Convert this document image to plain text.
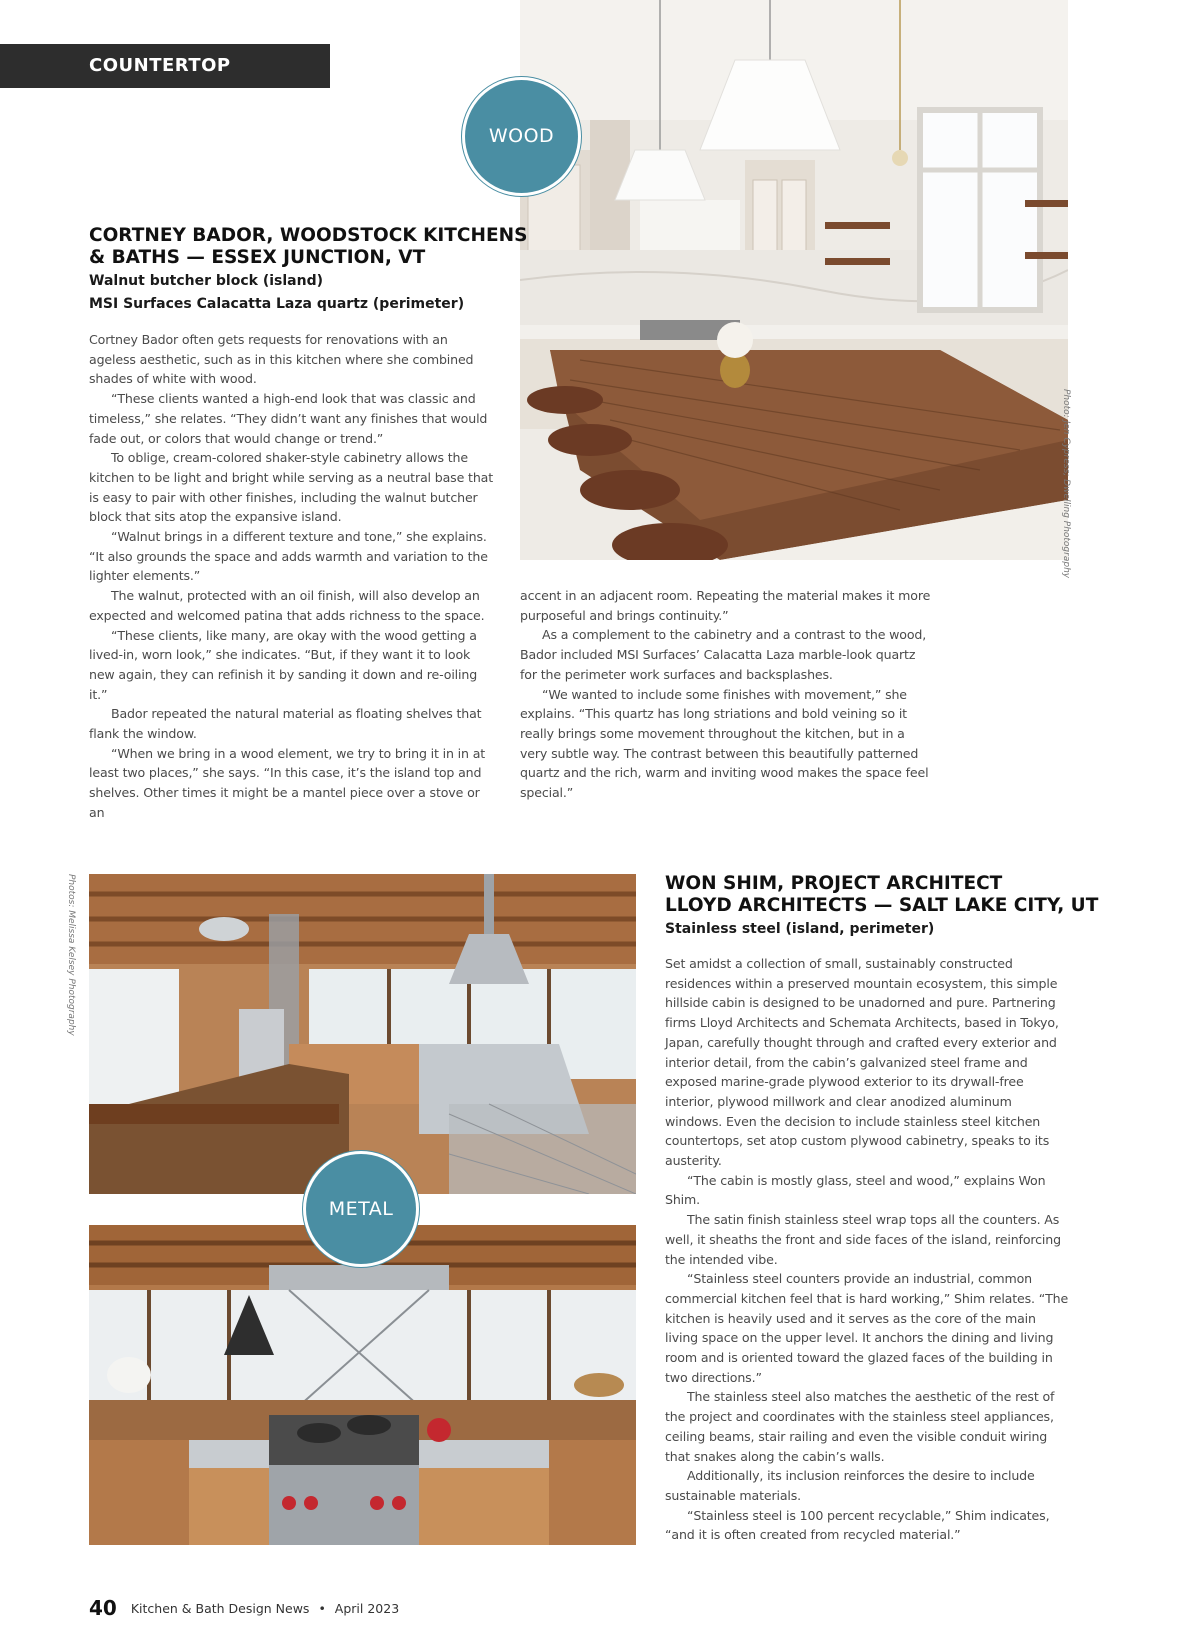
COUNTERTOP PROFILES
Photo: Jen Cypress; Dwelling Photography
WOOD
CORTNEY BADOR, WOODSTOCK KITCHENS
& BATHS — ESSEX JUNCTION, VT
Walnut butcher block (island)
MSI Surfaces Calacatta Laza quartz (perimeter)

Cortney Bador often gets requests for renovations with an ageless aesthetic, such as in this kitchen where she combined shades of white with wood.

“These clients wanted a high-end look that was classic and timeless,” she relates. “They didn’t want any finishes that would fade out, or colors that would change or trend.”

To oblige, cream-colored shaker-style cabinetry allows the kitchen to be light and bright while serving as a neutral base that is easy to pair with other finishes, including the walnut butcher block that sits atop the expansive island.

“Walnut brings in a different texture and tone,” she explains. “It also grounds the space and adds warmth and variation to the lighter elements.”

The walnut, protected with an oil finish, will also develop an expected and welcomed patina that adds richness to the space.

“These clients, like many, are okay with the wood getting a lived-in, worn look,” she indicates. “But, if they want it to look new again, they can refinish it by sanding it down and re-oiling it.”

Bador repeated the natural material as floating shelves that flank the window.

“When we bring in a wood element, we try to bring it in in at least two places,” she says. “In this case, it’s the island top and shelves. Other times it might be a mantel piece over a stove or an

accent in an adjacent room. Repeating the material makes it more purposeful and brings continuity.”

As a complement to the cabinetry and a contrast to the wood, Bador included MSI Surfaces’ Calacatta Laza marble-look quartz for the perimeter work surfaces and backsplashes.

“We wanted to include some finishes with movement,” she explains. “This quartz has long striations and bold veining so it really brings some movement throughout the kitchen, but in a very subtle way. The contrast between this beautifully patterned quartz and the rich, warm and inviting wood makes the space feel special.”

Photos: Melissa Kelsey Photography
METAL
WON SHIM, PROJECT ARCHITECT
LLOYD ARCHITECTS — SALT LAKE CITY, UT
Stainless steel (island, perimeter)

Set amidst a collection of small, sustainably constructed residences within a preserved mountain ecosystem, this simple hillside cabin is designed to be unadorned and pure. Partnering firms Lloyd Architects and Schemata Architects, based in Tokyo, Japan, carefully thought through and crafted every exterior and interior detail, from the cabin’s galvanized steel frame and exposed marine-grade plywood exterior to its drywall-free interior, plywood millwork and clear anodized aluminum windows. Even the decision to include stainless steel kitchen countertops, set atop custom plywood cabinetry, speaks to its austerity.

“The cabin is mostly glass, steel and wood,” explains Won Shim.

The satin finish stainless steel wrap tops all the counters. As well, it sheaths the front and side faces of the island, reinforcing the intended vibe.

“Stainless steel counters provide an industrial, common commercial kitchen feel that is hard working,” Shim relates. “The kitchen is heavily used and it serves as the core of the main living space on the upper level. It anchors the dining and living room and is oriented toward the glazed faces of the building in two directions.”

The stainless steel also matches the aesthetic of the rest of the project and coordinates with the stainless steel appliances, ceiling beams, stair railing and even the visible conduit wiring that snakes along the cabin’s walls.

Additionally, its inclusion reinforces the desire to include sustainable materials.

“Stainless steel is 100 percent recyclable,” Shim indicates, “and it is often created from recycled material.”

40 Kitchen & Bath Design News • April 2023
